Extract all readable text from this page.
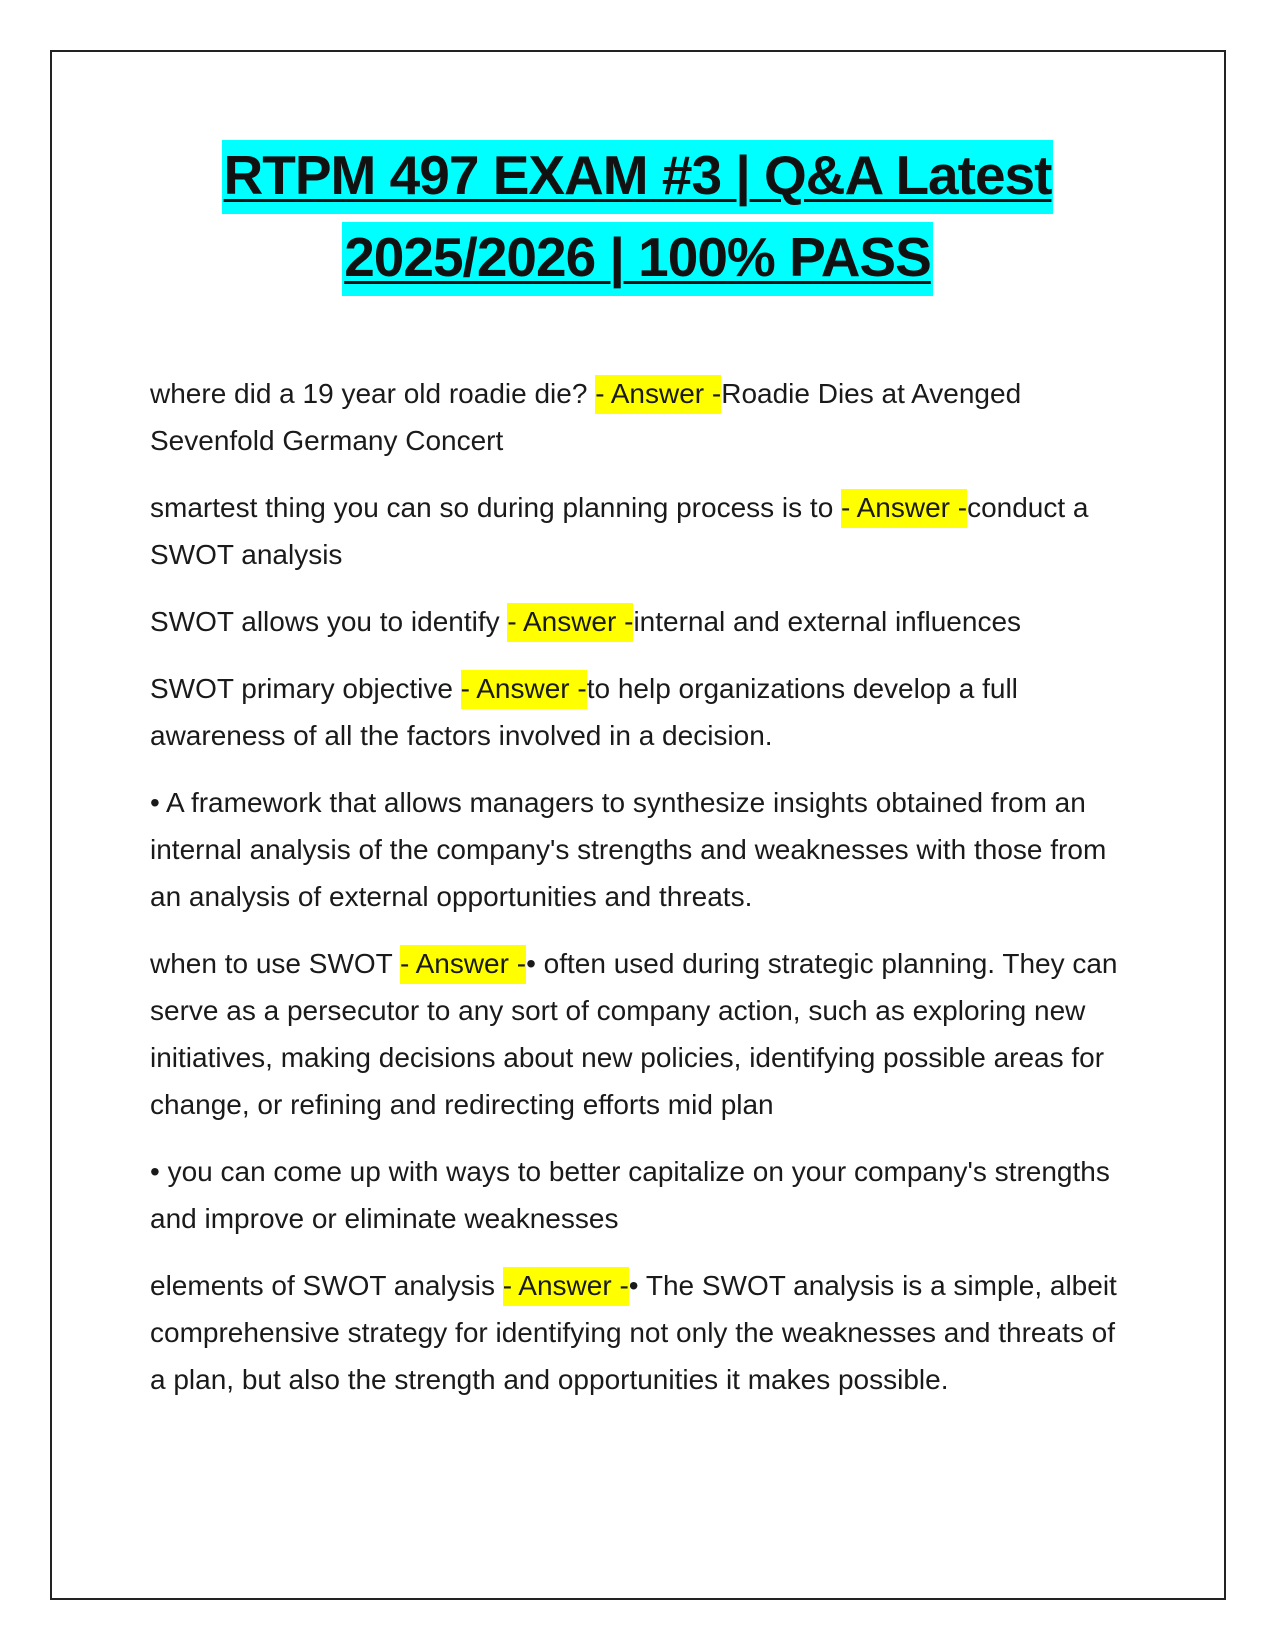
RTPM 497 EXAM #3 | Q&A Latest
2025/2026 | 100% PASS

where did a 19 year old roadie die? - Answer -Roadie Dies at Avenged Sevenfold Germany Concert

smartest thing you can so during planning process is to - Answer -conduct a SWOT analysis

SWOT allows you to identify - Answer -internal and external influences

SWOT primary objective - Answer -to help organizations develop a full awareness of all the factors involved in a decision.

• A framework that allows managers to synthesize insights obtained from an internal analysis of the company's strengths and weaknesses with those from an analysis of external opportunities and threats.

when to use SWOT - Answer -• often used during strategic planning. They can serve as a persecutor to any sort of company action, such as exploring new initiatives, making decisions about new policies, identifying possible areas for change, or refining and redirecting efforts mid plan

• you can come up with ways to better capitalize on your company's strengths and improve or eliminate weaknesses

elements of SWOT analysis - Answer -• The SWOT analysis is a simple, albeit comprehensive strategy for identifying not only the weaknesses and threats of a plan, but also the strength and opportunities it makes possible.
